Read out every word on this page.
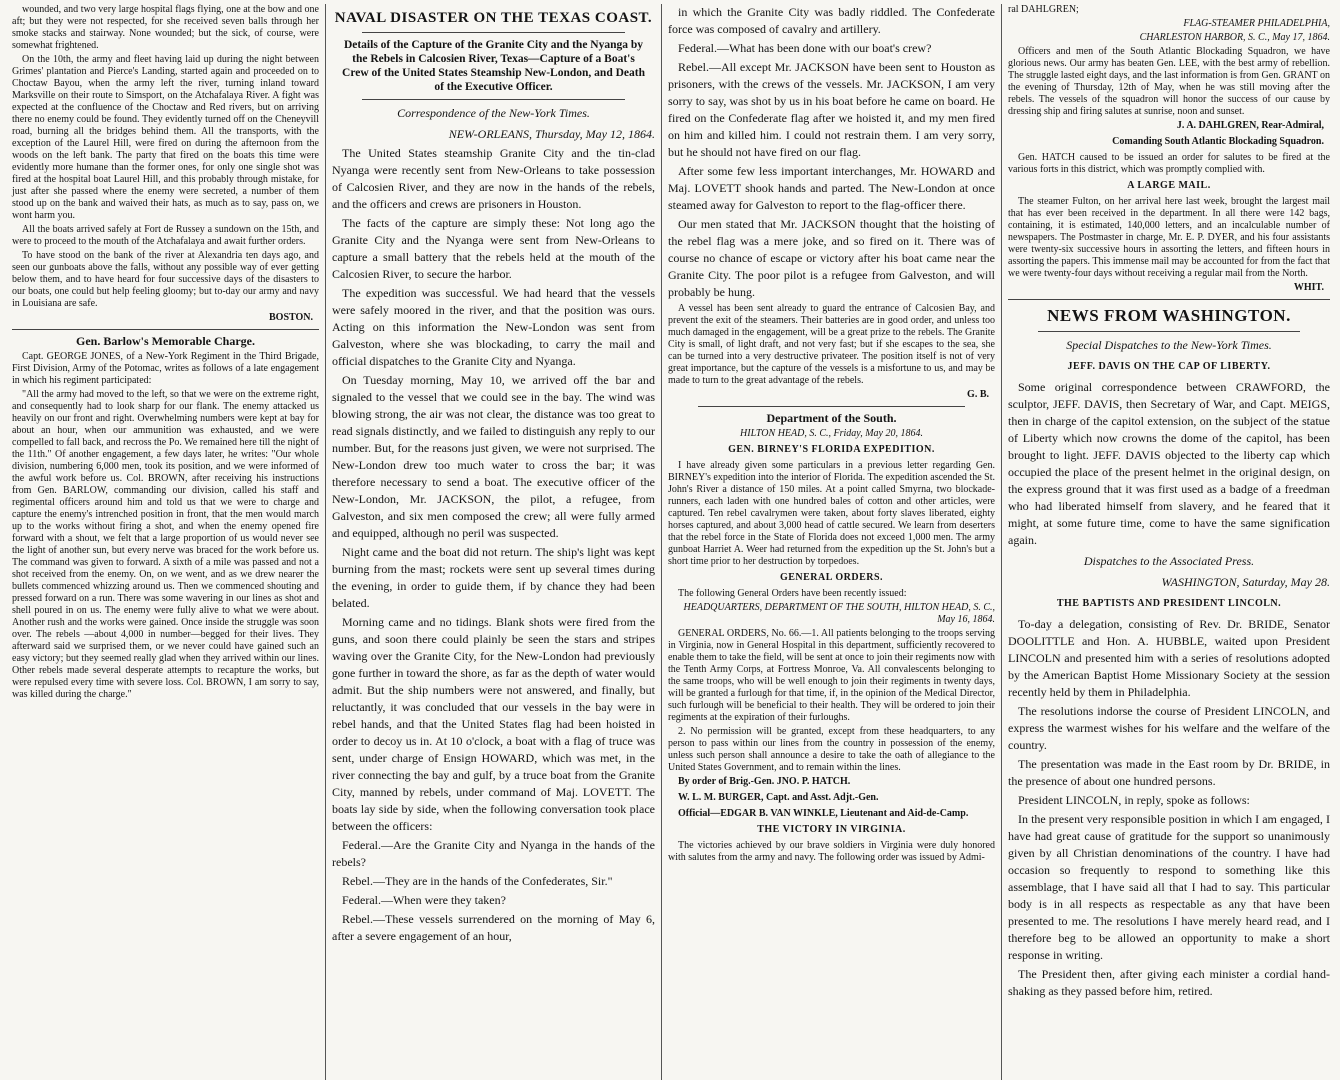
wounded, and two very large hospital flags flying, one at the bow and one aft; but they were not respected, for she received seven balls through her smoke stacks and stairway. None wounded; but the sick, of course, were somewhat frightened.

On the 10th, the army and fleet having laid up during the night between Grimes' plantation and Pierce's Landing, started again and proceeded on to Choctaw Bayou, when the army left the river, turning inland toward Marksville on their route to Simsport, on the Atchafalaya River. A fight was expected at the confluence of the Choctaw and Red rivers, but on arriving there no enemy could be found. They evidently turned off on the Cheneyvill road, burning all the bridges behind them. All the transports, with the exception of the Laurel Hill, were fired on during the afternoon from the woods on the left bank. The party that fired on the boats this time were evidently more humane than the former ones, for only one single shot was fired at the hospital boat Laurel Hill, and this probably through mistake, for just after she passed where the enemy were secreted, a number of them stood up on the bank and waived their hats, as much as to say, pass on, we wont harm you.

All the boats arrived safely at Fort de Russey a sundown on the 15th, and were to proceed to the mouth of the Atchafalaya and await further orders.

To have stood on the bank of the river at Alexandria ten days ago, and seen our gunboats above the falls, without any possible way of ever getting below them, and to have heard for four successive days of the disasters to our boats, one could but help feeling gloomy; but to-day our army and navy in Louisiana are safe.

BOSTON.
Gen. Barlow's Memorable Charge.

Capt. GEORGE JONES, of a New-York Regiment in the Third Brigade, First Division, Army of the Potomac, writes as follows of a late engagement in which his regiment participated:

"All the army had moved to the left, so that we were on the extreme right, and consequently had to look sharp for our flank. The enemy attacked us heavily on our front and right. Overwhelming numbers were kept at bay for about an hour, when our ammunition was exhausted, and we were compelled to fall back, and recross the Po. We remained here till the night of the 11th." Of another engagement, a few days later, he writes: "Our whole division, numbering 6,000 men, took its position, and we were informed of the awful work before us. Col. BROWN, after receiving his instructions from Gen. BARLOW, commanding our division, called his staff and regimental officers around him and told us that we were to charge and capture the enemy's intrenched position in front, that the men would march up to the works without firing a shot, and when the enemy opened fire forward with a shout, we felt that a large proportion of us would never see the light of another sun, but every nerve was braced for the work before us. The command was given to forward. A sixth of a mile was passed and not a shot received from the enemy. On, on we went, and as we drew nearer the bullets commenced whizzing around us. Then we commenced shouting and pressed forward on a run. There was some wavering in our lines as shot and shell poured in on us. The enemy were fully alive to what we were about. Another rush and the works were gained. Once inside the struggle was soon over. The rebels —about 4,000 in number—begged for their lives. They afterward said we surprised them, or we never could have gained such an easy victory; but they seemed really glad when they arrived within our lines. Other rebels made several desperate attempts to recapture the works, but were repulsed every time with severe loss. Col. BROWN, I am sorry to say, was killed during the charge."

NAVAL DISASTER ON THE TEXAS COAST.
Details of the Capture of the Granite City and the Nyanga by the Rebels in Calcosien River, Texas—Capture of a Boat's Crew of the United States Steamship New-London, and Death of the Executive Officer.
Correspondence of the New-York Times.
NEW-ORLEANS, Thursday, May 12, 1864.

The United States steamship Granite City and the tin-clad Nyanga were recently sent from New-Orleans to take possession of Calcosien River, and they are now in the hands of the rebels, and the officers and crews are prisoners in Houston.

The facts of the capture are simply these: Not long ago the Granite City and the Nyanga were sent from New-Orleans to capture a small battery that the rebels held at the mouth of the Calcosien River, to secure the harbor.

The expedition was successful. We had heard that the vessels were safely moored in the river, and that the position was ours. Acting on this information the New-London was sent from Galveston, where she was blockading, to carry the mail and official dispatches to the Granite City and Nyanga.

On Tuesday morning, May 10, we arrived off the bar and signaled to the vessel that we could see in the bay. The wind was blowing strong, the air was not clear, the distance was too great to read signals distinctly, and we failed to distinguish any reply to our number. But, for the reasons just given, we were not surprised. The New-London drew too much water to cross the bar; it was therefore necessary to send a boat. The executive officer of the New-London, Mr. JACKSON, the pilot, a refugee, from Galveston, and six men composed the crew; all were fully armed and equipped, although no peril was suspected.

Night came and the boat did not return. The ship's light was kept burning from the mast; rockets were sent up several times during the evening, in order to guide them, if by chance they had been belated.

Morning came and no tidings. Blank shots were fired from the guns, and soon there could plainly be seen the stars and stripes waving over the Granite City, for the New-London had previously gone further in toward the shore, as far as the depth of water would admit. But the ship numbers were not answered, and finally, but reluctantly, it was concluded that our vessels in the bay were in rebel hands, and that the United States flag had been hoisted in order to decoy us in. At 10 o'clock, a boat with a flag of truce was sent, under charge of Ensign HOWARD, which was met, in the river connecting the bay and gulf, by a truce boat from the Granite City, manned by rebels, under command of Maj. LOVETT. The boats lay side by side, when the following conversation took place between the officers:

Federal.—Are the Granite City and Nyanga in the hands of the rebels?

Rebel.—They are in the hands of the Confederates, Sir."

Federal.—When were they taken?

Rebel.—These vessels surrendered on the morning of May 6, after a severe engagement of an hour,

in which the Granite City was badly riddled. The Confederate force was composed of cavalry and artillery.

Federal.—What has been done with our boat's crew?

Rebel.—All except Mr. JACKSON have been sent to Houston as prisoners, with the crews of the vessels. Mr. JACKSON, I am very sorry to say, was shot by us in his boat before he came on board. He fired on the Confederate flag after we hoisted it, and my men fired on him and killed him. I could not restrain them. I am very sorry, but he should not have fired on our flag.

After some few less important interchanges, Mr. HOWARD and Maj. LOVETT shook hands and parted. The New-London at once steamed away for Galveston to report to the flag-officer there.

Our men stated that Mr. JACKSON thought that the hoisting of the rebel flag was a mere joke, and so fired on it. There was of course no chance of escape or victory after his boat came near the Granite City. The poor pilot is a refugee from Galveston, and will probably be hung.

A vessel has been sent already to guard the entrance of Calcosien Bay, and prevent the exit of the steamers. Their batteries are in good order, and unless too much damaged in the engagement, will be a great prize to the rebels. The Granite City is small, of light draft, and not very fast; but if she escapes to the sea, she can be turned into a very destructive privateer. The position itself is not of very great importance, but the capture of the vessels is a misfortune to us, and may be made to turn to the great advantage of the rebels.

G. B.
Department of the South.
HILTON HEAD, S. C., Friday, May 20, 1864.
GEN. BIRNEY'S FLORIDA EXPEDITION.

I have already given some particulars in a previous letter regarding Gen. BIRNEY's expedition into the interior of Florida. The expedition ascended the St. John's River a distance of 150 miles. At a point called Smyrna, two blockade-runners, each laden with one hundred bales of cotton and other articles, were captured. Ten rebel cavalrymen were taken, about forty slaves liberated, eighty horses captured, and about 3,000 head of cattle secured. We learn from deserters that the rebel force in the State of Florida does not exceed 1,000 men. The army gunboat Harriet A. Weer had returned from the expedition up the St. John's but a short time prior to her destruction by torpedoes.

GENERAL ORDERS.

The following General Orders have been recently issued:

HEADQUARTERS, DEPARTMENT OF THE SOUTH, HILTON HEAD, S. C., May 16, 1864.

GENERAL ORDERS, No. 66.—1. All patients belonging to the troops serving in Virginia, now in General Hospital in this department, sufficiently recovered to enable them to take the field, will be sent at once to join their regiments now with the Tenth Army Corps, at Fortress Monroe, Va. All convalescents belonging to the same troops, who will be well enough to join their regiments in twenty days, will be granted a furlough for that time, if, in the opinion of the Medical Director, such furlough will be beneficial to their health. They will be ordered to join their regiments at the expiration of their furloughs.

2. No permission will be granted, except from these headquarters, to any person to pass within our lines from the country in possession of the enemy, unless such person shall announce a desire to take the oath of allegiance to the United States Government, and to remain within the lines.

By order of Brig.-Gen. JNO. P. HATCH.
W. L. M. BURGER, Capt. and Asst. Adjt.-Gen.
Official—EDGAR B. VAN WINKLE, Lieutenant and Aid-de-Camp.
THE VICTORY IN VIRGINIA.

The victories achieved by our brave soldiers in Virginia were duly honored with salutes from the army and navy. The following order was issued by Admi-

ral DAHLGREN;

FLAG-STEAMER PHILADELPHIA,
CHARLESTON HARBOR, S. C., May 17, 1864.

Officers and men of the South Atlantic Blockading Squadron, we have glorious news. Our army has beaten Gen. LEE, with the best army of rebellion. The struggle lasted eight days, and the last information is from Gen. GRANT on the evening of Thursday, 12th of May, when he was still moving after the rebels. The vessels of the squadron will honor the success of our cause by dressing ship and firing salutes at sunrise, noon and sunset.

J. A. DAHLGREN, Rear-Admiral,
Comanding South Atlantic Blockading Squadron.

Gen. HATCH caused to be issued an order for salutes to be fired at the various forts in this district, which was promptly complied with.

A LARGE MAIL.

The steamer Fulton, on her arrival here last week, brought the largest mail that has ever been received in the department. In all there were 142 bags, containing, it is estimated, 140,000 letters, and an incalculable number of newspapers. The Postmaster in charge, Mr. E. P. DYER, and his four assistants were twenty-six successive hours in assorting the letters, and fifteen hours in assorting the papers. This immense mail may be accounted for from the fact that we were twenty-four days without receiving a regular mail from the North.

WHIT.
NEWS FROM WASHINGTON.
Special Dispatches to the New-York Times.
JEFF. DAVIS ON THE CAP OF LIBERTY.

Some original correspondence between CRAWFORD, the sculptor, JEFF. DAVIS, then Secretary of War, and Capt. MEIGS, then in charge of the capitol extension, on the subject of the statue of Liberty which now crowns the dome of the capitol, has been brought to light. JEFF. DAVIS objected to the liberty cap which occupied the place of the present helmet in the original design, on the express ground that it was first used as a badge of a freedman who had liberated himself from slavery, and he feared that it might, at some future time, come to have the same signification again.

Dispatches to the Associated Press.
WASHINGTON, Saturday, May 28.
THE BAPTISTS AND PRESIDENT LINCOLN.

To-day a delegation, consisting of Rev. Dr. BRIDE, Senator DOOLITTLE and Hon. A. HUBBLE, waited upon President LINCOLN and presented him with a series of resolutions adopted by the American Baptist Home Missionary Society at the session recently held by them in Philadelphia.

The resolutions indorse the course of President LINCOLN, and express the warmest wishes for his welfare and the welfare of the country.

The presentation was made in the East room by Dr. BRIDE, in the presence of about one hundred persons.

President LINCOLN, in reply, spoke as follows:

In the present very responsible position in which I am engaged, I have had great cause of gratitude for the support so unanimously given by all Christian denominations of the country. I have had occasion so frequently to respond to something like this assemblage, that I have said all that I had to say. This particular body is in all respects as respectable as any that have been presented to me. The resolutions I have merely heard read, and I therefore beg to be allowed an opportunity to make a short response in writing.

The President then, after giving each minister a cordial hand-shaking as they passed before him, retired.
